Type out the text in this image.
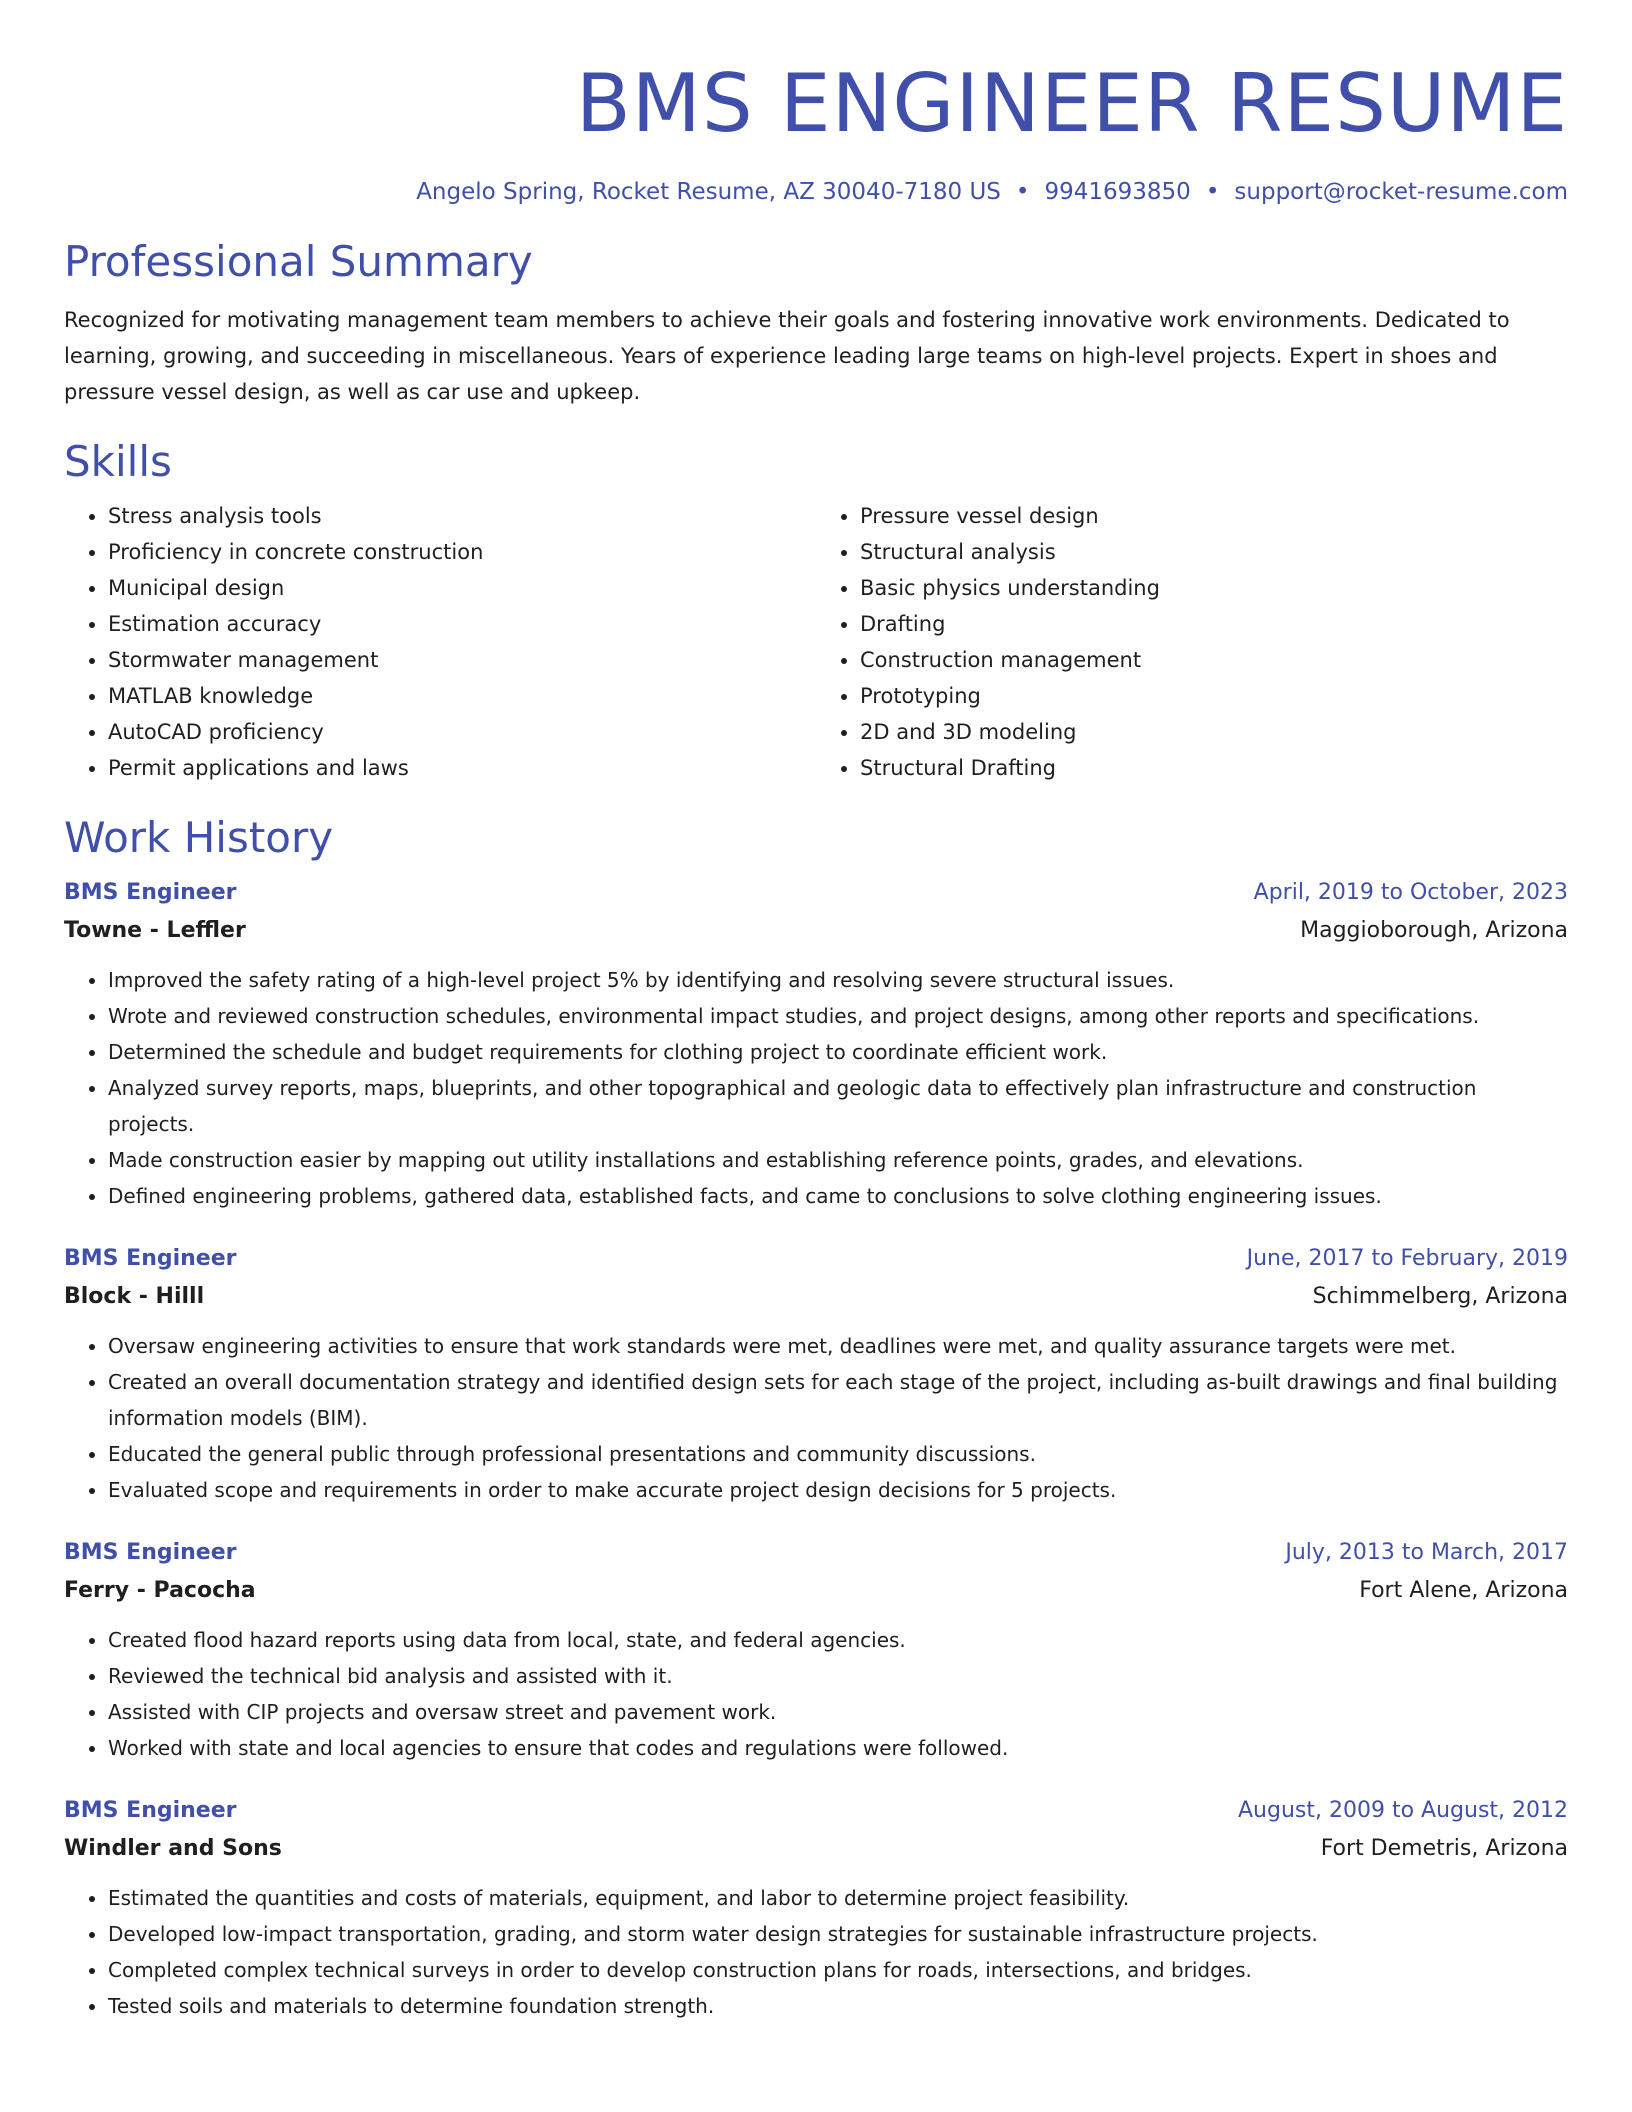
BMS ENGINEER RESUME
Angelo Spring, Rocket Resume, AZ 30040-7180 US • 9941693850 • support@rocket-resume.com
Professional Summary
Recognized for motivating management team members to achieve their goals and fostering innovative work environments. Dedicated to learning, growing, and succeeding in miscellaneous. Years of experience leading large teams on high-level projects. Expert in shoes and pressure vessel design, as well as car use and upkeep.
Skills
• Stress analysis tools
• Proficiency in concrete construction
• Municipal design
• Estimation accuracy
• Stormwater management
• MATLAB knowledge
• AutoCAD proficiency
• Permit applications and laws
• Pressure vessel design
• Structural analysis
• Basic physics understanding
• Drafting
• Construction management
• Prototyping
• 2D and 3D modeling
• Structural Drafting
Work History
BMS Engineer	April, 2019 to October, 2023
Towne - Leffler	Maggioborough, Arizona
• Improved the safety rating of a high-level project 5% by identifying and resolving severe structural issues.
• Wrote and reviewed construction schedules, environmental impact studies, and project designs, among other reports and specifications.
• Determined the schedule and budget requirements for clothing project to coordinate efficient work.
• Analyzed survey reports, maps, blueprints, and other topographical and geologic data to effectively plan infrastructure and construction projects.
• Made construction easier by mapping out utility installations and establishing reference points, grades, and elevations.
• Defined engineering problems, gathered data, established facts, and came to conclusions to solve clothing engineering issues.
BMS Engineer	June, 2017 to February, 2019
Block - Hilll	Schimmelberg, Arizona
• Oversaw engineering activities to ensure that work standards were met, deadlines were met, and quality assurance targets were met.
• Created an overall documentation strategy and identified design sets for each stage of the project, including as-built drawings and final building information models (BIM).
• Educated the general public through professional presentations and community discussions.
• Evaluated scope and requirements in order to make accurate project design decisions for 5 projects.
BMS Engineer	July, 2013 to March, 2017
Ferry - Pacocha	Fort Alene, Arizona
• Created flood hazard reports using data from local, state, and federal agencies.
• Reviewed the technical bid analysis and assisted with it.
• Assisted with CIP projects and oversaw street and pavement work.
• Worked with state and local agencies to ensure that codes and regulations were followed.
BMS Engineer	August, 2009 to August, 2012
Windler and Sons	Fort Demetris, Arizona
• Estimated the quantities and costs of materials, equipment, and labor to determine project feasibility.
• Developed low-impact transportation, grading, and storm water design strategies for sustainable infrastructure projects.
• Completed complex technical surveys in order to develop construction plans for roads, intersections, and bridges.
• Tested soils and materials to determine foundation strength.
